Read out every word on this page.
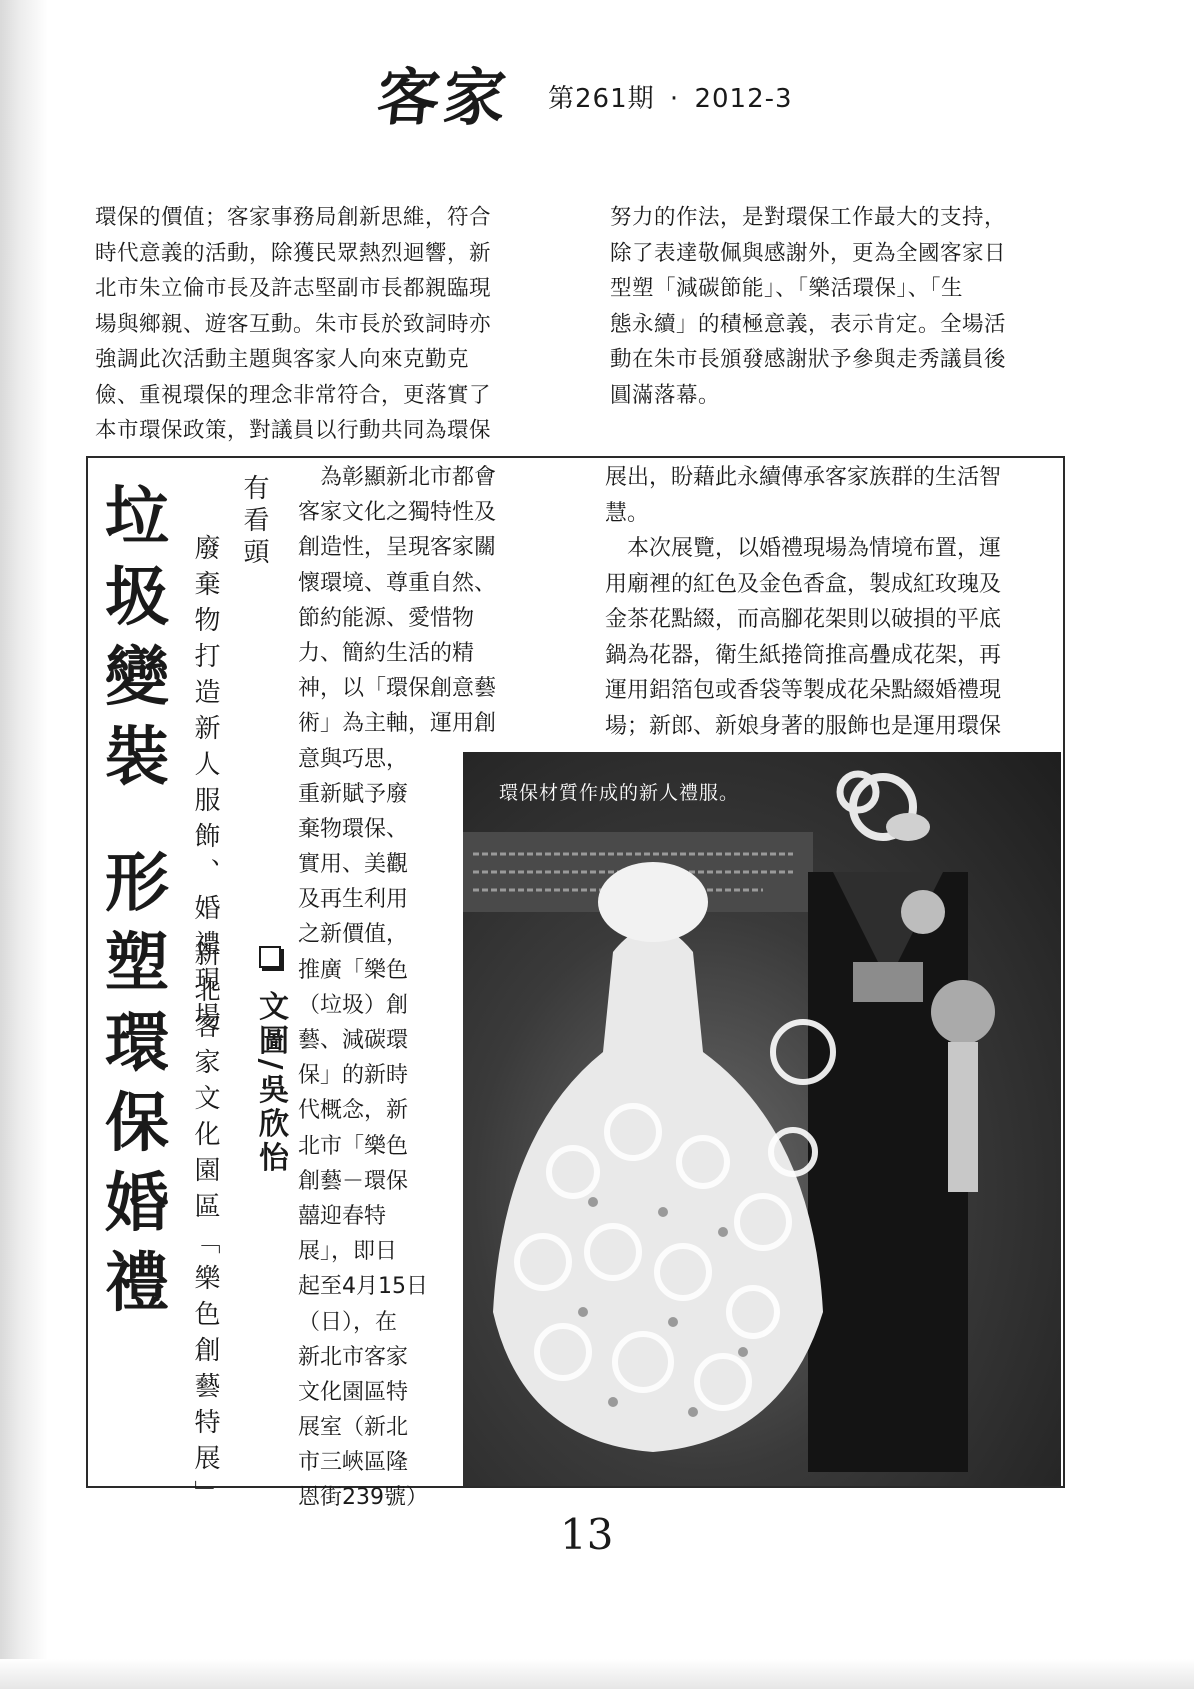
客家 第261期 · 2012-3
環保的價值；客家事務局創新思維，符合
時代意義的活動，除獲民眾熱烈迴響，新
北市朱立倫市長及許志堅副市長都親臨現
場與鄉親、遊客互動。朱市長於致詞時亦
強調此次活動主題與客家人向來克勤克
儉、重視環保的理念非常符合，更落實了
本市環保政策，對議員以行動共同為環保
努力的作法，是對環保工作最大的支持，
除了表達敬佩與感謝外，更為全國客家日
型塑「減碳節能」、「樂活環保」、「生
態永續」的積極意義，表示肯定。全場活
動在朱市長頒發感謝狀予參與走秀議員後
圓滿落幕。
垃
圾
變
裝
形
塑
環
保
婚
禮
有看頭
廢棄物打造新人服飾、婚禮現場
新北客家文化園區「樂色創藝特展」 文圖/吳欣怡
　為彰顯新北市都會
客家文化之獨特性及
創造性，呈現客家關
懷環境、尊重自然、
節約能源、愛惜物
力、簡約生活的精
神，以「環保創意藝
術」為主軸，運用創
意與巧思，
重新賦予廢
棄物環保、
實用、美觀
及再生利用
之新價值，
推廣「樂色
（垃圾）創
藝、減碳環
保」的新時
代概念，新
北市「樂色
創藝－環保
囍迎春特
展」，即日
起至4月15日
（日），在
新北市客家
文化園區特
展室（新北
市三峽區隆
恩街239號）
展出，盼藉此永續傳承客家族群的生活智
慧。
　本次展覽，以婚禮現場為情境布置，運
用廟裡的紅色及金色香盒，製成紅玫瑰及
金茶花點綴，而高腳花架則以破損的平底
鍋為花器，衛生紙捲筒推高疊成花架，再
運用鋁箔包或香袋等製成花朵點綴婚禮現
場；新郎、新娘身著的服飾也是運用環保
環保材質作成的新人禮服。
13
